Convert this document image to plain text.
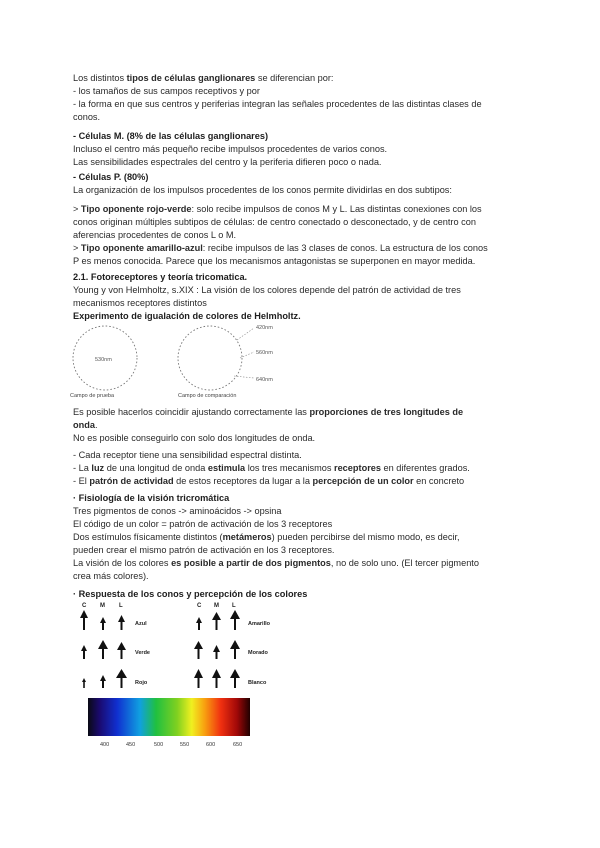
Los distintos tipos de células ganglionares se diferencian por:
- los tamaños de sus campos receptivos y por
- la forma en que sus centros y periferias integran las señales procedentes de las distintas clases de
conos.
- Células M. (8% de las células ganglionares)
Incluso el centro más pequeño recibe impulsos procedentes de varios conos.
Las sensibilidades espectrales del centro y la periferia difieren poco o nada.
- Células P. (80%)
La organización de los impulsos procedentes de los conos permite dividirlas en dos subtipos:
> Tipo oponente rojo-verde: solo recibe impulsos de conos M y L. Las distintas conexiones con los
conos originan múltiples subtipos de células: de centro conectado o desconectado, y de centro con
aferencias procedentes de conos L o M.
> Tipo oponente amarillo-azul: recibe impulsos de las 3 clases de conos. La estructura de los conos
P es menos conocida. Parece que los mecanismos antagonistas se superponen en mayor medida.
2.1. Fotoreceptores y teoría tricomatica.
Young y von Helmholtz, s.XIX : La visión de los colores depende del patrón de actividad de tres
mecanismos receptores distintos
Experimento de igualación de colores de Helmholtz.
530nm
Campo de prueba
420nm
560nm
640nm
Campo de comparación
Es posible hacerlos coincidir ajustando correctamente las proporciones de tres longitudes de
onda.
No es posible conseguirlo con solo dos longitudes de onda.
- Cada receptor tiene una sensibilidad espectral distinta.
- La luz de una longitud de onda estimula los tres mecanismos receptores en diferentes grados.
- El patrón de actividad de estos receptores da lugar a la percepción de un color en concreto
· Fisiología de la visión tricromática
Tres pigmentos de conos -> aminoácidos -> opsina
El código de un color = patrón de activación de los 3 receptores
Dos estímulos físicamente distintos (metámeros) pueden percibirse del mismo modo, es decir,
pueden crear el mismo patrón de activación en los 3 receptores.
La visión de los colores es posible a partir de dos pigmentos, no de solo uno. (El tercer pigmento
crea más colores).
· Respuesta de los conos y percepción de los colores
C M L	C M L
Azul
Verde
Rojo
Amarillo
Morado
Blanco
400	450	500	550	600	650
